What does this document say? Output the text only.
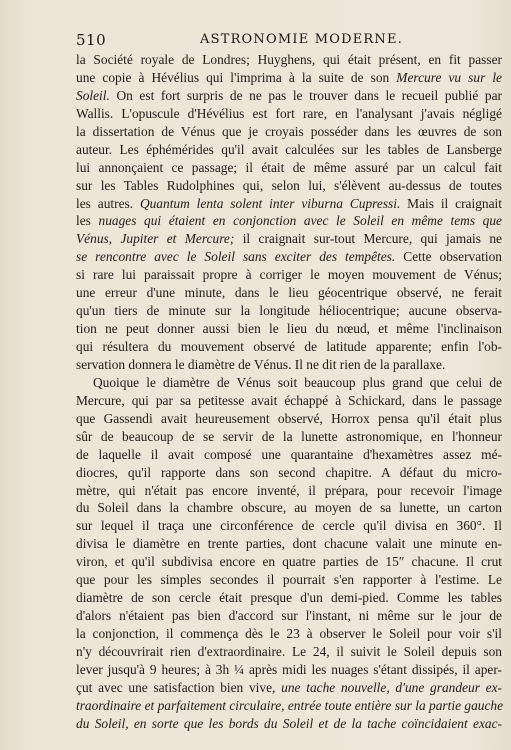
510	ASTRONOMIE MODERNE.
la Société royale de Londres; Huyghens, qui était présent, en fit passer
une copie à Hévélius qui l'imprima à la suite de son Mercure vu sur le
Soleil. On est fort surpris de ne pas le trouver dans le recueil publié par
Wallis. L'opuscule d'Hévélius est fort rare, en l'analysant j'avais négligé
la dissertation de Vénus que je croyais posséder dans les œuvres de son
auteur. Les éphémérides qu'il avait calculées sur les tables de Lansberge
lui annonçaient ce passage; il était de même assuré par un calcul fait
sur les Tables Rudolphines qui, selon lui, s'élèvent au-dessus de toutes
les autres. Quantum lenta solent inter viburna Cupressi. Mais il craignait
les nuages qui étaient en conjonction avec le Soleil en même tems que
Vénus, Jupiter et Mercure; il craignait sur-tout Mercure, qui jamais ne
se rencontre avec le Soleil sans exciter des tempêtes. Cette observation
si rare lui paraissait propre à corriger le moyen mouvement de Vénus;
une erreur d'une minute, dans le lieu géocentrique observé, ne ferait
qu'un tiers de minute sur la longitude héliocentrique; aucune observa-
tion ne peut donner aussi bien le lieu du nœud, et même l'inclinaison
qui résultera du mouvement observé de latitude apparente; enfin l'ob-
servation donnera le diamètre de Vénus. Il ne dit rien de la parallaxe.
Quoique le diamètre de Vénus soit beaucoup plus grand que celui de
Mercure, qui par sa petitesse avait échappé à Schickard, dans le passage
que Gassendi avait heureusement observé, Horrox pensa qu'il était plus
sûr de beaucoup de se servir de la lunette astronomique, en l'honneur
de laquelle il avait composé une quarantaine d'hexamètres assez mé-
diocres, qu'il rapporte dans son second chapitre. A défaut du micro-
mètre, qui n'était pas encore inventé, il prépara, pour recevoir l'image
du Soleil dans la chambre obscure, au moyen de sa lunette, un carton
sur lequel il traça une circonférence de cercle qu'il divisa en 360°. Il
divisa le diamètre en trente parties, dont chacune valait une minute en-
viron, et qu'il subdivisa encore en quatre parties de 15″ chacune. Il crut
que pour les simples secondes il pourrait s'en rapporter à l'estime. Le
diamètre de son cercle était presque d'un demi-pied. Comme les tables
d'alors n'étaient pas bien d'accord sur l'instant, ni même sur le jour de
la conjonction, il commença dès le 23 à observer le Soleil pour voir s'il
n'y découvrirait rien d'extraordinaire. Le 24, il suivit le Soleil depuis son
lever jusqu'à 9 heures; à 3h ¼ après midi les nuages s'étant dissipés, il aper-
çut avec une satisfaction bien vive, une tache nouvelle, d'une grandeur ex-
traordinaire et parfaitement circulaire, entrée toute entière sur la partie gauche
du Soleil, en sorte que les bords du Soleil et de la tache coïncidaient exac-
